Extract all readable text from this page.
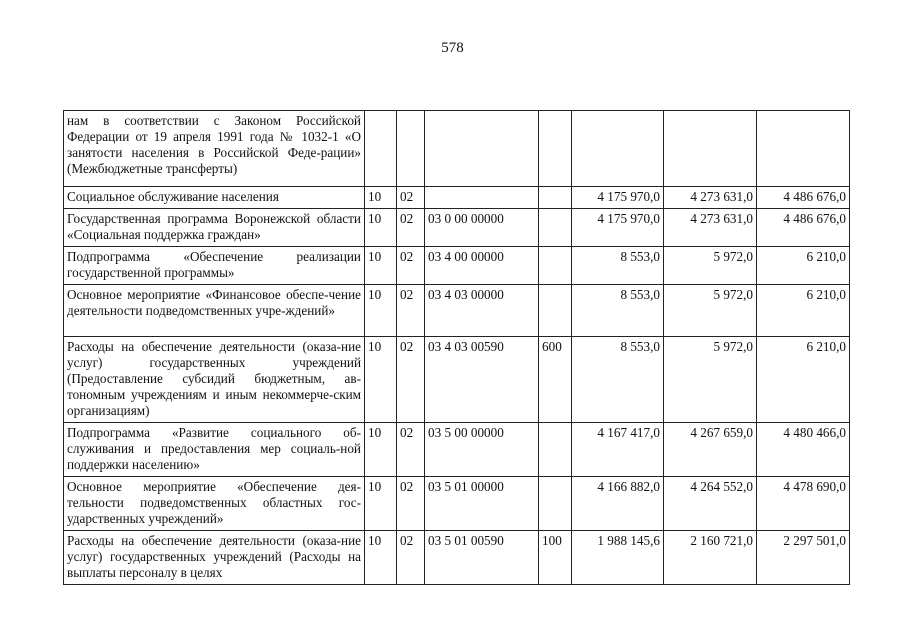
578
нам в соответствии с Законом Российской Федерации от 19 апреля 1991 года № 1032-1 «О занятости населения в Российской Феде-рации» (Межбюджетные трансферты)							
Социальное обслуживание населения	10	02			4 175 970,0	4 273 631,0	4 486 676,0
Государственная программа Воронежской области «Социальная поддержка граждан»	10	02	03 0 00 00000		4 175 970,0	4 273 631,0	4 486 676,0
Подпрограмма «Обеспечение реализации государственной программы»	10	02	03 4 00 00000		8 553,0	5 972,0	6 210,0
Основное мероприятие «Финансовое обеспе-чение деятельности подведомственных учре-ждений»	10	02	03 4 03 00000		8 553,0	5 972,0	6 210,0
Расходы на обеспечение деятельности (оказа-ние услуг) государственных учреждений (Предоставление субсидий бюджетным, ав-тономным учреждениям и иным некоммерче-ским организациям)	10	02	03 4 03 00590	600	8 553,0	5 972,0	6 210,0
Подпрограмма «Развитие социального об-служивания и предоставления мер социаль-ной поддержки населению»	10	02	03 5 00 00000		4 167 417,0	4 267 659,0	4 480 466,0
Основное мероприятие «Обеспечение дея-тельности подведомственных областных гос-ударственных учреждений»	10	02	03 5 01 00000		4 166 882,0	4 264 552,0	4 478 690,0
Расходы на обеспечение деятельности (оказа-ние услуг) государственных учреждений (Расходы на выплаты персоналу в целях	10	02	03 5 01 00590	100	1 988 145,6	2 160 721,0	2 297 501,0
